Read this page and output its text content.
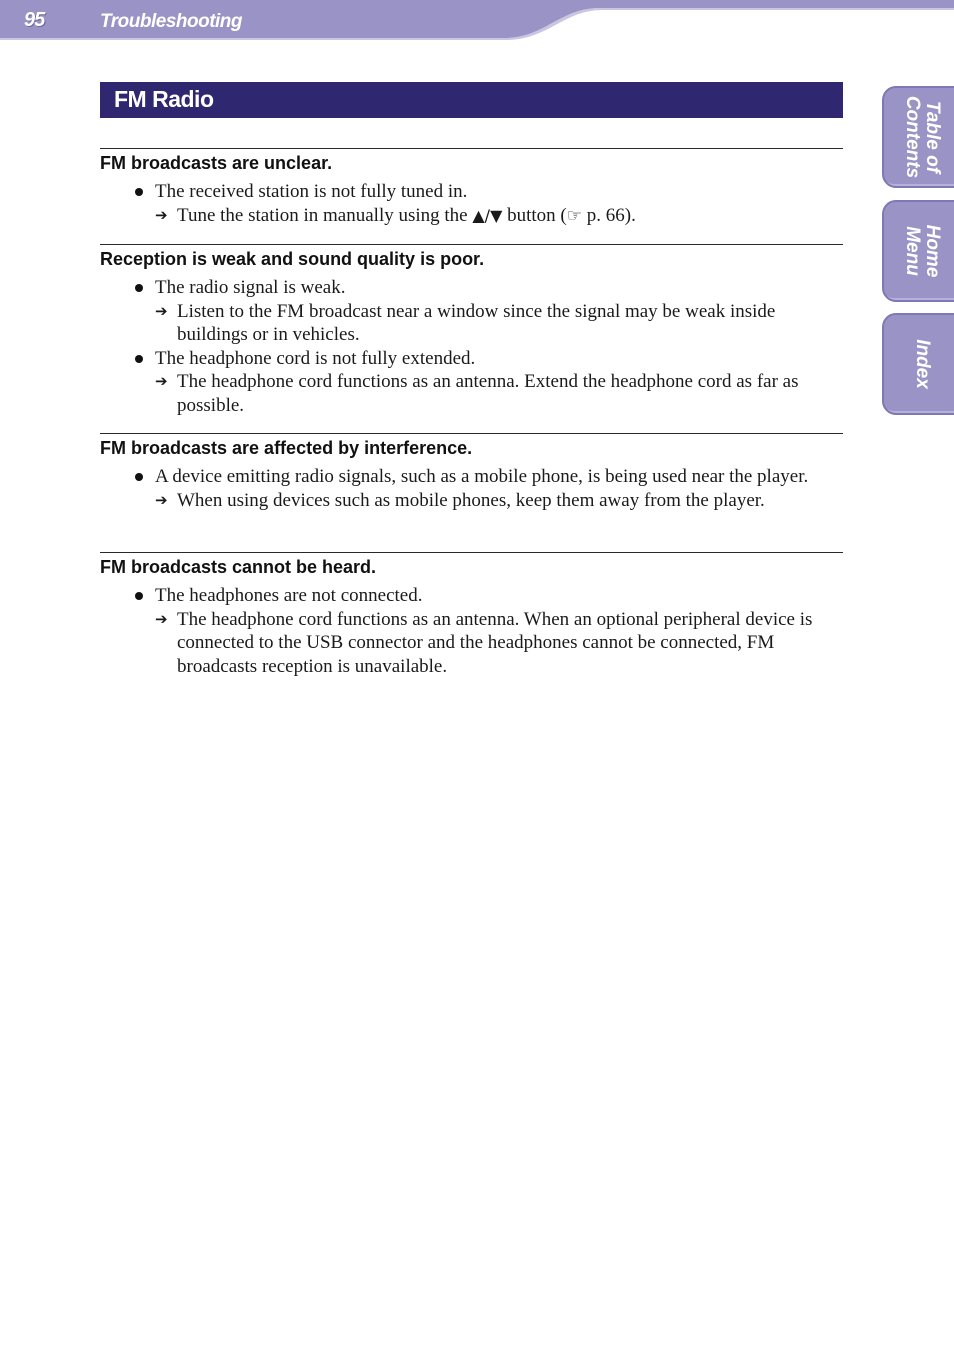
95	Troubleshooting
FM Radio
FM broadcasts are unclear.
The received station is not fully tuned in.
➔ Tune the station in manually using the ▲/▼ button (☞ p. 66).
Reception is weak and sound quality is poor.
The radio signal is weak.
➔ Listen to the FM broadcast near a window since the signal may be weak inside buildings or in vehicles.
The headphone cord is not fully extended.
➔ The headphone cord functions as an antenna. Extend the headphone cord as far as possible.
FM broadcasts are affected by interference.
A device emitting radio signals, such as a mobile phone, is being used near the player.
➔ When using devices such as mobile phones, keep them away from the player.
FM broadcasts cannot be heard.
The headphones are not connected.
➔ The headphone cord functions as an antenna. When an optional peripheral device is connected to the USB connector and the headphones cannot be connected, FM broadcasts reception is unavailable.
Table of
Contents
Home
Menu
Index
